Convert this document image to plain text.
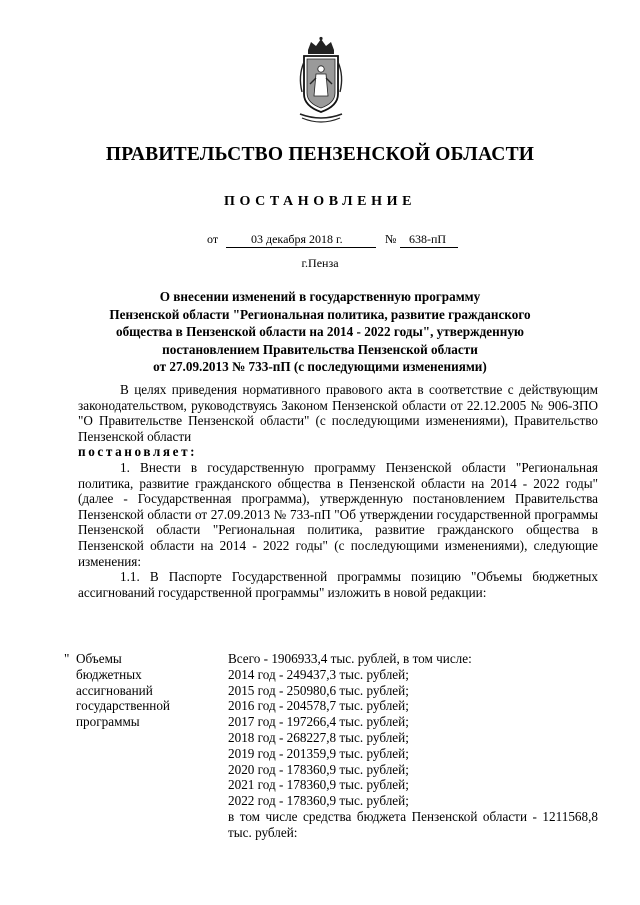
ПРАВИТЕЛЬСТВО ПЕНЗЕНСКОЙ ОБЛАСТИ
ПОСТАНОВЛЕНИЕ
от	03 декабря 2018 г.	№ 638-пП
г.Пенза
О внесении изменений в государственную программу
Пензенской области "Региональная политика, развитие гражданского
общества в Пензенской области на 2014 - 2022 годы", утвержденную
постановлением Правительства Пензенской области
от 27.09.2013 № 733-пП (с последующими изменениями)
В целях приведения нормативного правового акта в соответствие с действующим законодательством, руководствуясь Законом Пензенской области от 22.12.2005 № 906-ЗПО "О Правительстве Пензенской области" (с последующими изменениями), Правительство Пензенской области
постановляет:
1. Внести в государственную программу Пензенской области "Региональная политика, развитие гражданского общества в Пензенской области на 2014 - 2022 годы" (далее - Государственная программа), утвержденную постановлением Правительства Пензенской области от 27.09.2013 № 733-пП "Об утверждении государственной программы Пензенской области "Региональная политика, развитие гражданского общества в Пензенской области на 2014 - 2022 годы" (с последующими изменениями), следующие изменения:
1.1. В Паспорте Государственной программы позицию "Объемы бюджетных ассигнований государственной программы" изложить в новой редакции:
" Объемы
бюджетных
ассигнований
государственной
программы
Всего - 1906933,4 тыс. рублей, в том числе:
2014 год - 249437,3 тыс. рублей;
2015 год - 250980,6 тыс. рублей;
2016 год - 204578,7 тыс. рублей;
2017 год - 197266,4 тыс. рублей;
2018 год - 268227,8 тыс. рублей;
2019 год - 201359,9 тыс. рублей;
2020 год - 178360,9 тыс. рублей;
2021 год - 178360,9 тыс. рублей;
2022 год - 178360,9 тыс. рублей;
в том числе средства бюджета Пензенской области - 1211568,8 тыс. рублей:
